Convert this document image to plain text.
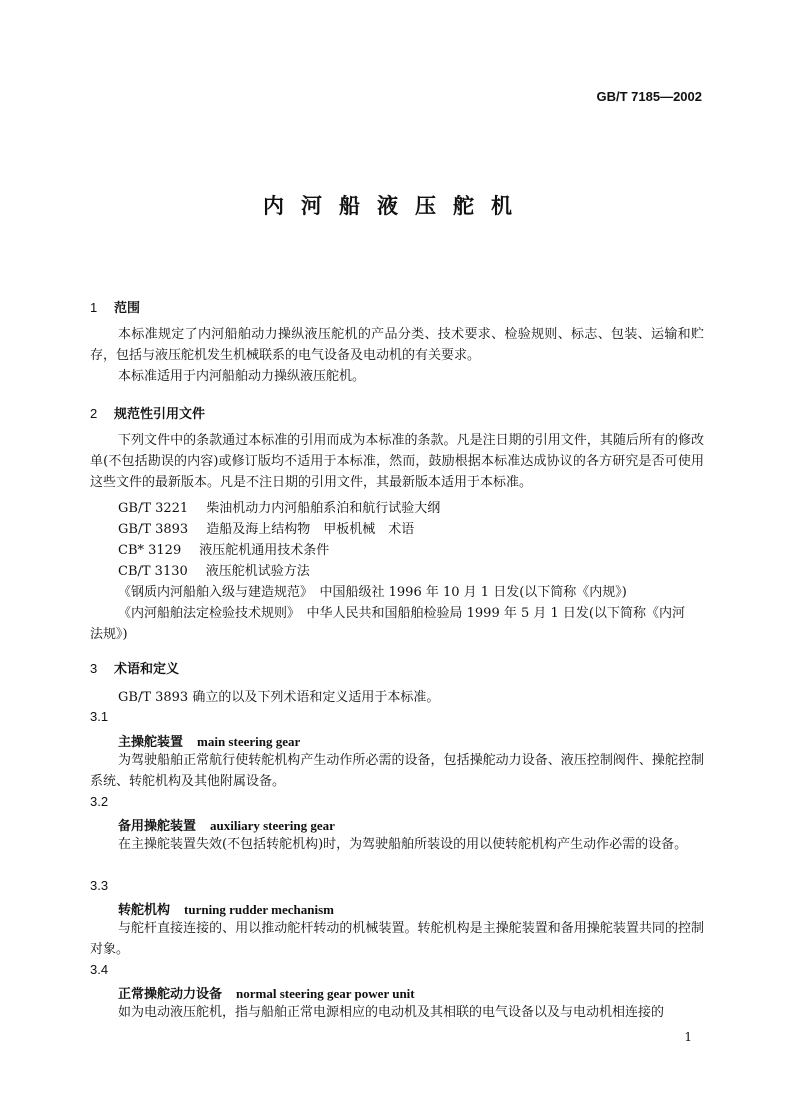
GB/T 7185—2002
内河船液压舵机
1 范围
本标准规定了内河船舶动力操纵液压舵机的产品分类、技术要求、检验规则、标志、包装、运输和贮存，包括与液压舵机发生机械联系的电气设备及电动机的有关要求。
本标准适用于内河船舶动力操纵液压舵机。
2 规范性引用文件
下列文件中的条款通过本标准的引用而成为本标准的条款。凡是注日期的引用文件，其随后所有的修改单(不包括勘误的内容)或修订版均不适用于本标准，然而，鼓励根据本标准达成协议的各方研究是否可使用这些文件的最新版本。凡是不注日期的引用文件，其最新版本适用于本标准。
GB/T 3221 柴油机动力内河船舶系泊和航行试验大纲
GB/T 3893 造船及海上结构物　甲板机械　术语
CB* 3129 液压舵机通用技术条件
CB/T 3130 液压舵机试验方法
《钢质内河船舶入级与建造规范》　中国船级社 1996 年 10 月 1 日发(以下简称《内规》)
《内河船舶法定检验技术规则》　中华人民共和国船舶检验局 1999 年 5 月 1 日发(以下简称《内河
法规》)
3 术语和定义
GB/T 3893 确立的以及下列术语和定义适用于本标准。
3.1
主操舵装置 main steering gear
为驾驶船舶正常航行使转舵机构产生动作所必需的设备，包括操舵动力设备、液压控制阀件、操舵控制系统、转舵机构及其他附属设备。
3.2
备用操舵装置 auxiliary steering gear
在主操舵装置失效(不包括转舵机构)时，为驾驶船舶所装设的用以使转舵机构产生动作必需的设备。
3.3
转舵机构 turning rudder mechanism
与舵杆直接连接的、用以推动舵杆转动的机械装置。转舵机构是主操舵装置和备用操舵装置共同的控制对象。
3.4
正常操舵动力设备 normal steering gear power unit
如为电动液压舵机，指与船舶正常电源相应的电动机及其相联的电气设备以及与电动机相连接的
1
